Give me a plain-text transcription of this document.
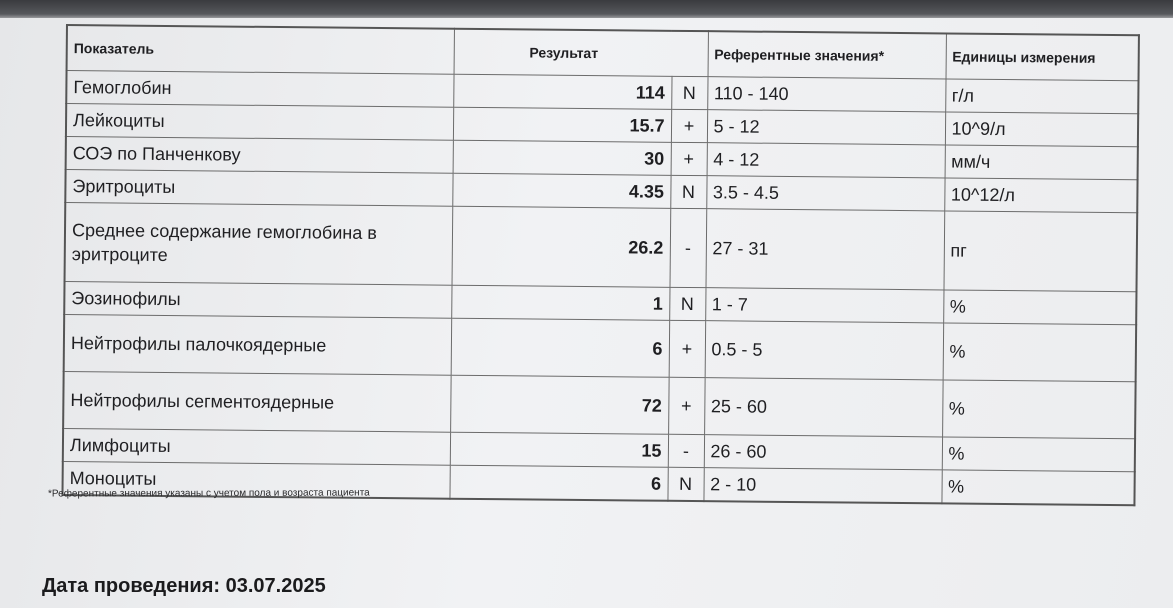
Показатель	Результат		Референтные значения*	Единицы измерения
Гемоглобин	114	N	110 - 140	г/л
Лейкоциты	15.7	+	5 - 12	10^9/л
СОЭ по Панченкову	30	+	4 - 12	мм/ч
Эритроциты	4.35	N	3.5 - 4.5	10^12/л
Среднее содержание гемоглобина в эритроците	26.2	-	27 - 31	пг
Эозинофилы	1	N	1 - 7	%
Нейтрофилы палочкоядерные	6	+	0.5 - 5	%
Нейтрофилы сегментоядерные	72	+	25 - 60	%
Лимфоциты	15	-	26 - 60	%
Моноциты	6	N	2 - 10	%
*Референтные значения указаны с учетом пола и возраста пациента
Дата проведения: 03.07.2025
